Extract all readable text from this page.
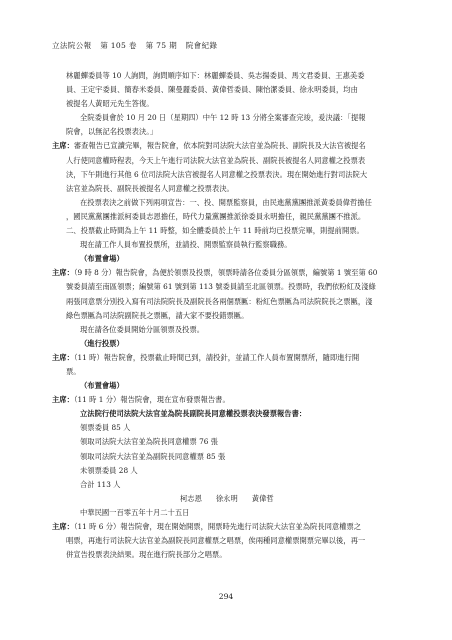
立法院公報 第 105 卷 第 75 期 院會紀錄
林麗蟬委員等 10 人詢問，詢問順序如下：林麗蟬委員、吳志揚委員、馬文君委員、王惠美委
員、王定宇委員、簡春米委員、陳曼麗委員、黃偉哲委員、陳怡潔委員、徐永明委員，均由
被提名人黃昭元先生答復。
全院委員會於 10 月 20 日（星期四）中午 12 時 13 分將全案審查完竣，爰決議：「提報
院會，以無記名投票表決。」
主席：審查報告已宣讀完畢，報告院會，依本院對司法院大法官並為院長、副院長及大法官被提名
人行使同意權時程表，今天上午進行司法院大法官並為院長、副院長被提名人同意權之投票表
決，下午則進行其他 6 位司法院大法官被提名人同意權之投票表決。現在開始進行對司法院大
法官並為院長、副院長被提名人同意權之投票表決。
在投票表決之前做下列兩項宣告：一、投、開票監察員，由民進黨黨團推派黃委員偉哲擔任
，國民黨黨團推派柯委員志恩擔任，時代力量黨團推派徐委員永明擔任，親民黨黨團不推派。
二、投票截止時間為上午 11 時整，如全體委員於上午 11 時前均已投票完畢，則提前開票。
現在請工作人員布置投票所，並請投、開票監察員執行監察職務。
（布置會場）
主席：（9 時 8 分）報告院會，為便於領票及投票，領票時請各位委員分區領票，編號第 1 號至第 60
號委員請至南區領票；編號第 61 號到第 113 號委員請至北區領票。投票時，我們依粉紅及淺綠
兩張同意票分別投入寫有司法院院長及副院長各兩個票匭：粉紅色票匭為司法院院長之票匭，淺
綠色票匭為司法院副院長之票匭，請大家不要投錯票匭。
現在請各位委員開始分區領票及投票。
（進行投票）
主席：（11 時）報告院會，投票截止時間已到，請投針，並請工作人員布置開票所，隨即進行開
票。
（布置會場）
主席：（11 時 1 分）報告院會，現在宣布發票報告書。
立法院行使司法院大法官並為院長副院長同意權投票表決發票報告書：
領票委員 85 人
領取司法院大法官並為院長同意權票 76 張
領取司法院大法官並為副院長同意權票 85 張
未領票委員 28 人
合計 113 人
柯志恩 徐永明 黃偉哲
中華民國一百零五年十月二十五日
主席：（11 時 6 分）報告院會，現在開始開票，開票時先進行司法院大法官並為院長同意權票之
唱票，再進行司法院大法官並為副院長同意權票之唱票，俟兩種同意權票開票完畢以後，再一
併宣告投票表決結果。現在進行院長部分之唱票。
294
